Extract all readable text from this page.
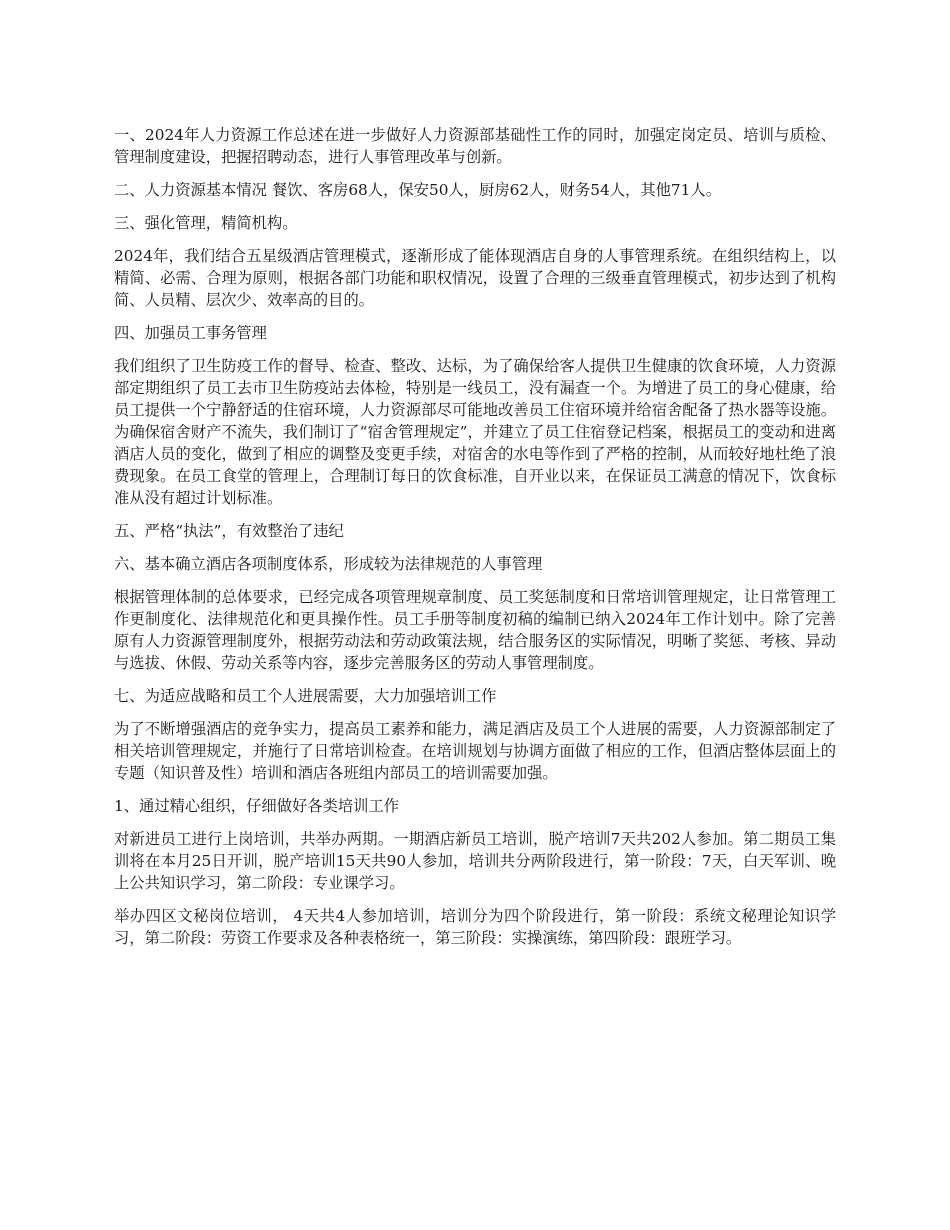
一、2024年人力资源工作总述在进一步做好人力资源部基础性工作的同时，加强定岗定员、培训与质检、管理制度建设，把握招聘动态，进行人事管理改革与创新。

二、人力资源基本情况 餐饮、客房68人，保安50人，厨房62人，财务54人，其他71人。

三、强化管理，精简机构。

2024年，我们结合五星级酒店管理模式，逐渐形成了能体现酒店自身的人事管理系统。在组织结构上，以精简、必需、合理为原则，根据各部门功能和职权情况，设置了合理的三级垂直管理模式，初步达到了机构简、人员精、层次少、效率高的目的。

四、加强员工事务管理

我们组织了卫生防疫工作的督导、检查、整改、达标，为了确保给客人提供卫生健康的饮食环境，人力资源部定期组织了员工去市卫生防疫站去体检，特别是一线员工，没有漏查一个。为增进了员工的身心健康，给员工提供一个宁静舒适的住宿环境，人力资源部尽可能地改善员工住宿环境并给宿舍配备了热水器等设施。为确保宿舍财产不流失，我们制订了“宿舍管理规定”，并建立了员工住宿登记档案，根据员工的变动和进离酒店人员的变化，做到了相应的调整及变更手续，对宿舍的水电等作到了严格的控制，从而较好地杜绝了浪费现象。在员工食堂的管理上，合理制订每日的饮食标准，自开业以来，在保证员工满意的情况下，饮食标准从没有超过计划标准。

五、严格“执法”，有效整治了违纪

六、基本确立酒店各项制度体系，形成较为法律规范的人事管理

根据管理体制的总体要求，已经完成各项管理规章制度、员工奖惩制度和日常培训管理规定，让日常管理工作更制度化、法律规范化和更具操作性。员工手册等制度初稿的编制已纳入2024年工作计划中。除了完善原有人力资源管理制度外，根据劳动法和劳动政策法规，结合服务区的实际情况，明晰了奖惩、考核、异动与选拔、休假、劳动关系等内容，逐步完善服务区的劳动人事管理制度。

七、为适应战略和员工个人进展需要，大力加强培训工作

为了不断增强酒店的竞争实力，提高员工素养和能力，满足酒店及员工个人进展的需要，人力资源部制定了相关培训管理规定，并施行了日常培训检查。在培训规划与协调方面做了相应的工作，但酒店整体层面上的专题（知识普及性）培训和酒店各班组内部员工的培训需要加强。

1、通过精心组织，仔细做好各类培训工作

对新进员工进行上岗培训，共举办两期。一期酒店新员工培训，脱产培训7天共202人参加。第二期员工集训将在本月25日开训，脱产培训15天共90人参加，培训共分两阶段进行，第一阶段：7天，白天军训、晚上公共知识学习，第二阶段：专业课学习。

举办四区文秘岗位培训， 4天共4人参加培训，培训分为四个阶段进行，第一阶段：系统文秘理论知识学习，第二阶段：劳资工作要求及各种表格统一，第三阶段：实操演练，第四阶段：跟班学习。
